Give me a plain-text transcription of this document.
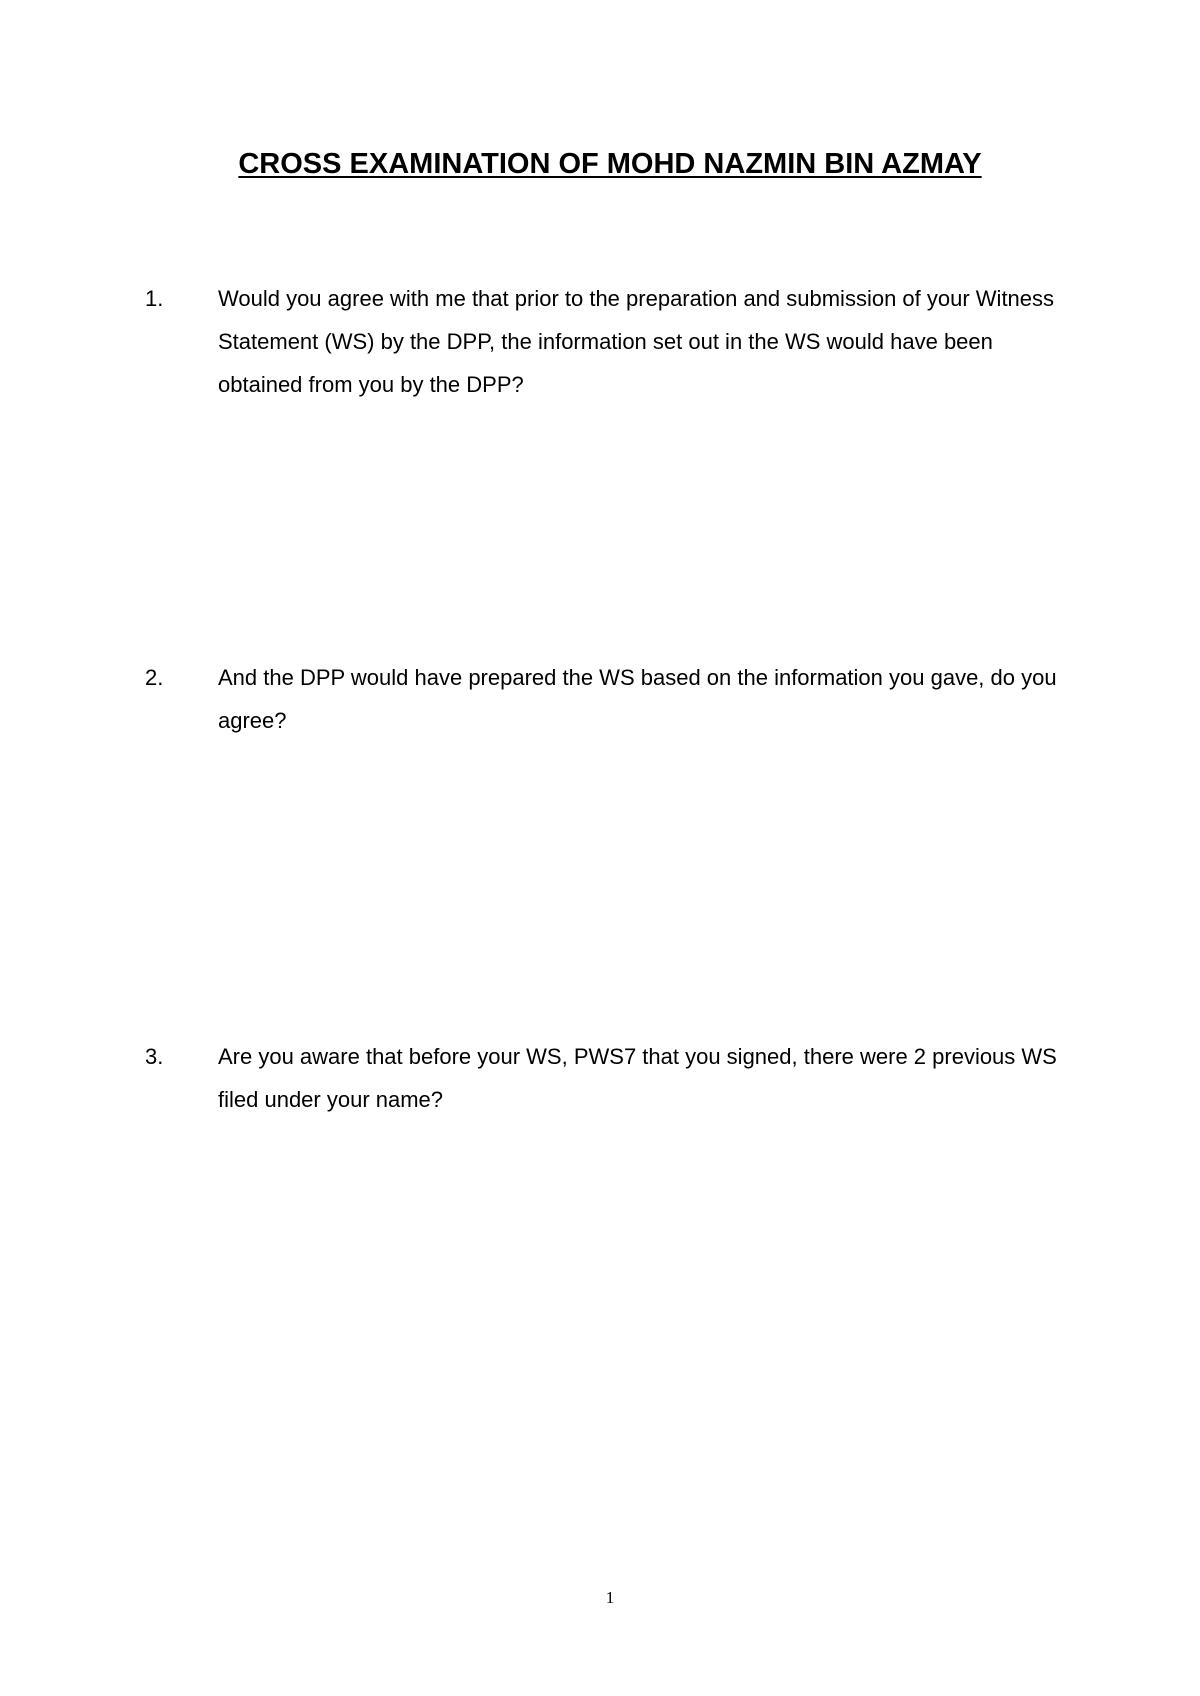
CROSS EXAMINATION OF MOHD NAZMIN BIN AZMAY
1.	Would you agree with me that prior to the preparation and submission of your Witness Statement (WS) by the DPP, the information set out in the WS would have been obtained from you by the DPP?
2.	And the DPP would have prepared the WS based on the information you gave, do you agree?
3.	Are you aware that before your WS, PWS7 that you signed, there were 2 previous WS filed under your name?
1
